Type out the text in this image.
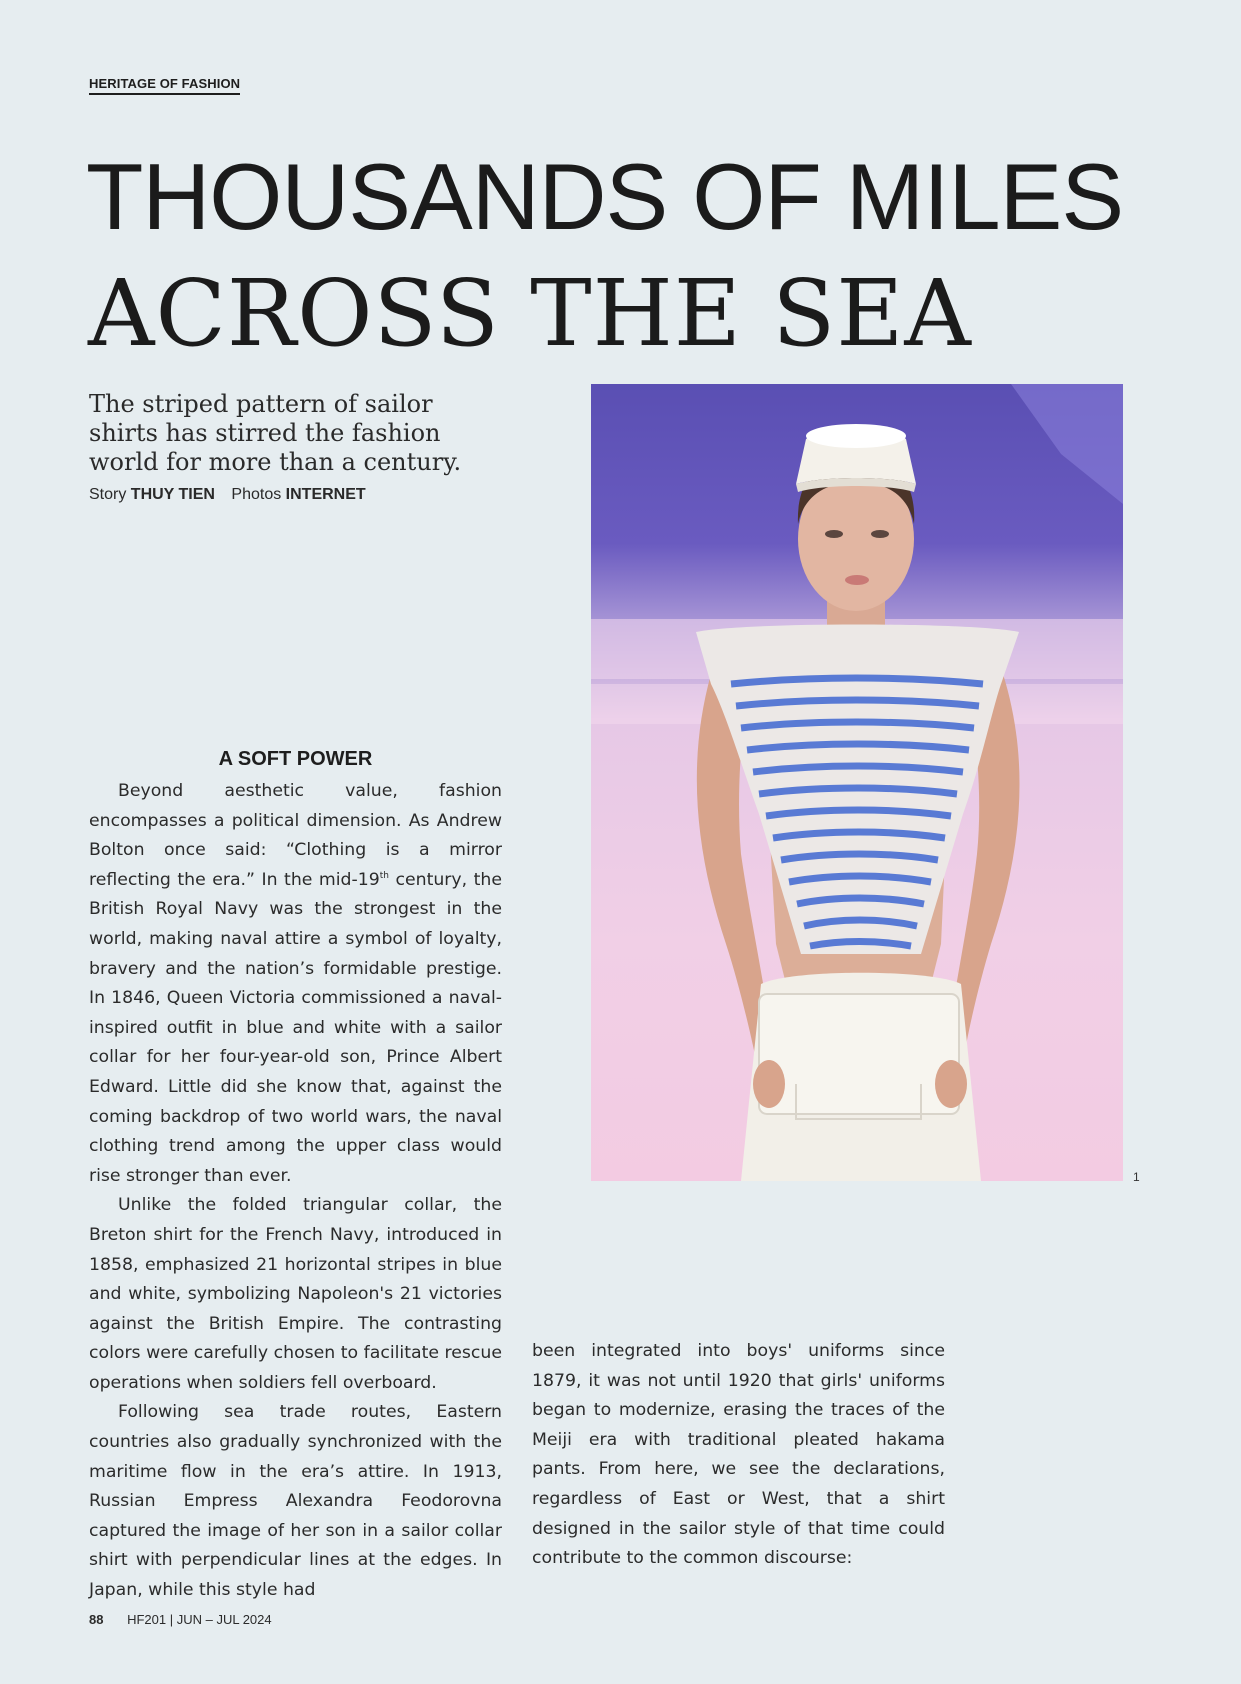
HERITAGE OF FASHION
THOUSANDS OF MILES
ACROSS THE SEA
The striped pattern of sailor shirts has stirred the fashion world for more than a century.
Story THUY TIEN Photos INTERNET
1
A SOFT POWER

Beyond aesthetic value, fashion encompasses a political dimension. As Andrew Bolton once said: “Clothing is a mirror reflecting the era.” In the mid-19th century, the British Royal Navy was the strongest in the world, making naval attire a symbol of loyalty, bravery and the nation’s formidable prestige. In 1846, Queen Victoria commissioned a naval-inspired outfit in blue and white with a sailor collar for her four-year-old son, Prince Albert Edward. Little did she know that, against the coming backdrop of two world wars, the naval clothing trend among the upper class would rise stronger than ever.

Unlike the folded triangular collar, the Breton shirt for the French Navy, introduced in 1858, emphasized 21 horizontal stripes in blue and white, symbolizing Napoleon's 21 victories against the British Empire. The contrasting colors were carefully chosen to facilitate rescue operations when soldiers fell overboard.

Following sea trade routes, Eastern countries also gradually synchronized with the maritime flow in the era’s attire. In 1913, Russian Empress Alexandra Feodorovna captured the image of her son in a sailor collar shirt with perpendicular lines at the edges. In Japan, while this style had

been integrated into boys' uniforms since 1879, it was not until 1920 that girls' uniforms began to modernize, erasing the traces of the Meiji era with traditional pleated hakama pants. From here, we see the declarations, regardless of East or West, that a shirt designed in the sailor style of that time could contribute to the common discourse:

88 HF201 | JUN – JUL 2024
